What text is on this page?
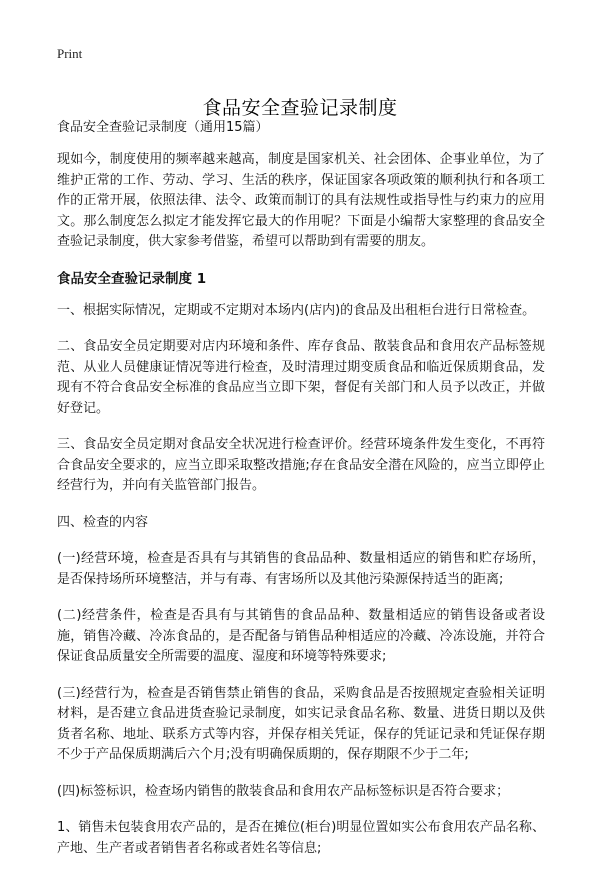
Print
食品安全查验记录制度
食品安全查验记录制度（通用15篇）

现如今，制度使用的频率越来越高，制度是国家机关、社会团体、企事业单位，为了维护正常的工作、劳动、学习、生活的秩序，保证国家各项政策的顺利执行和各项工作的正常开展，依照法律、法令、政策而制订的具有法规性或指导性与约束力的应用文。那么制度怎么拟定才能发挥它最大的作用呢？下面是小编帮大家整理的食品安全查验记录制度，供大家参考借鉴，希望可以帮助到有需要的朋友。

食品安全查验记录制度 1

一、根据实际情况，定期或不定期对本场内(店内)的食品及出租柜台进行日常检查。

二、食品安全员定期要对店内环境和条件、库存食品、散装食品和食用农产品标签规范、从业人员健康证情况等进行检查，及时清理过期变质食品和临近保质期食品，发现有不符合食品安全标准的食品应当立即下架，督促有关部门和人员予以改正，并做好登记。

三、食品安全员定期对食品安全状况进行检查评价。经营环境条件发生变化，不再符合食品安全要求的，应当立即采取整改措施;存在食品安全潜在风险的，应当立即停止经营行为，并向有关监管部门报告。

四、检查的内容

(一)经营环境，检查是否具有与其销售的食品品种、数量相适应的销售和贮存场所，是否保持场所环境整洁，并与有毒、有害场所以及其他污染源保持适当的距离;

(二)经营条件，检查是否具有与其销售的食品品种、数量相适应的销售设备或者设施，销售冷藏、冷冻食品的，是否配备与销售品种相适应的冷藏、冷冻设施，并符合保证食品质量安全所需要的温度、湿度和环境等特殊要求;

(三)经营行为，检查是否销售禁止销售的食品，采购食品是否按照规定查验相关证明材料，是否建立食品进货查验记录制度，如实记录食品名称、数量、进货日期以及供货者名称、地址、联系方式等内容，并保存相关凭证，保存的凭证记录和凭证保存期不少于产品保质期满后六个月;没有明确保质期的，保存期限不少于二年;

(四)标签标识，检查场内销售的散装食品和食用农产品标签标识是否符合要求；

1、销售未包装食用农产品的，是否在摊位(柜台)明显位置如实公布食用农产品名称、产地、生产者或者销售者名称或者姓名等信息;
